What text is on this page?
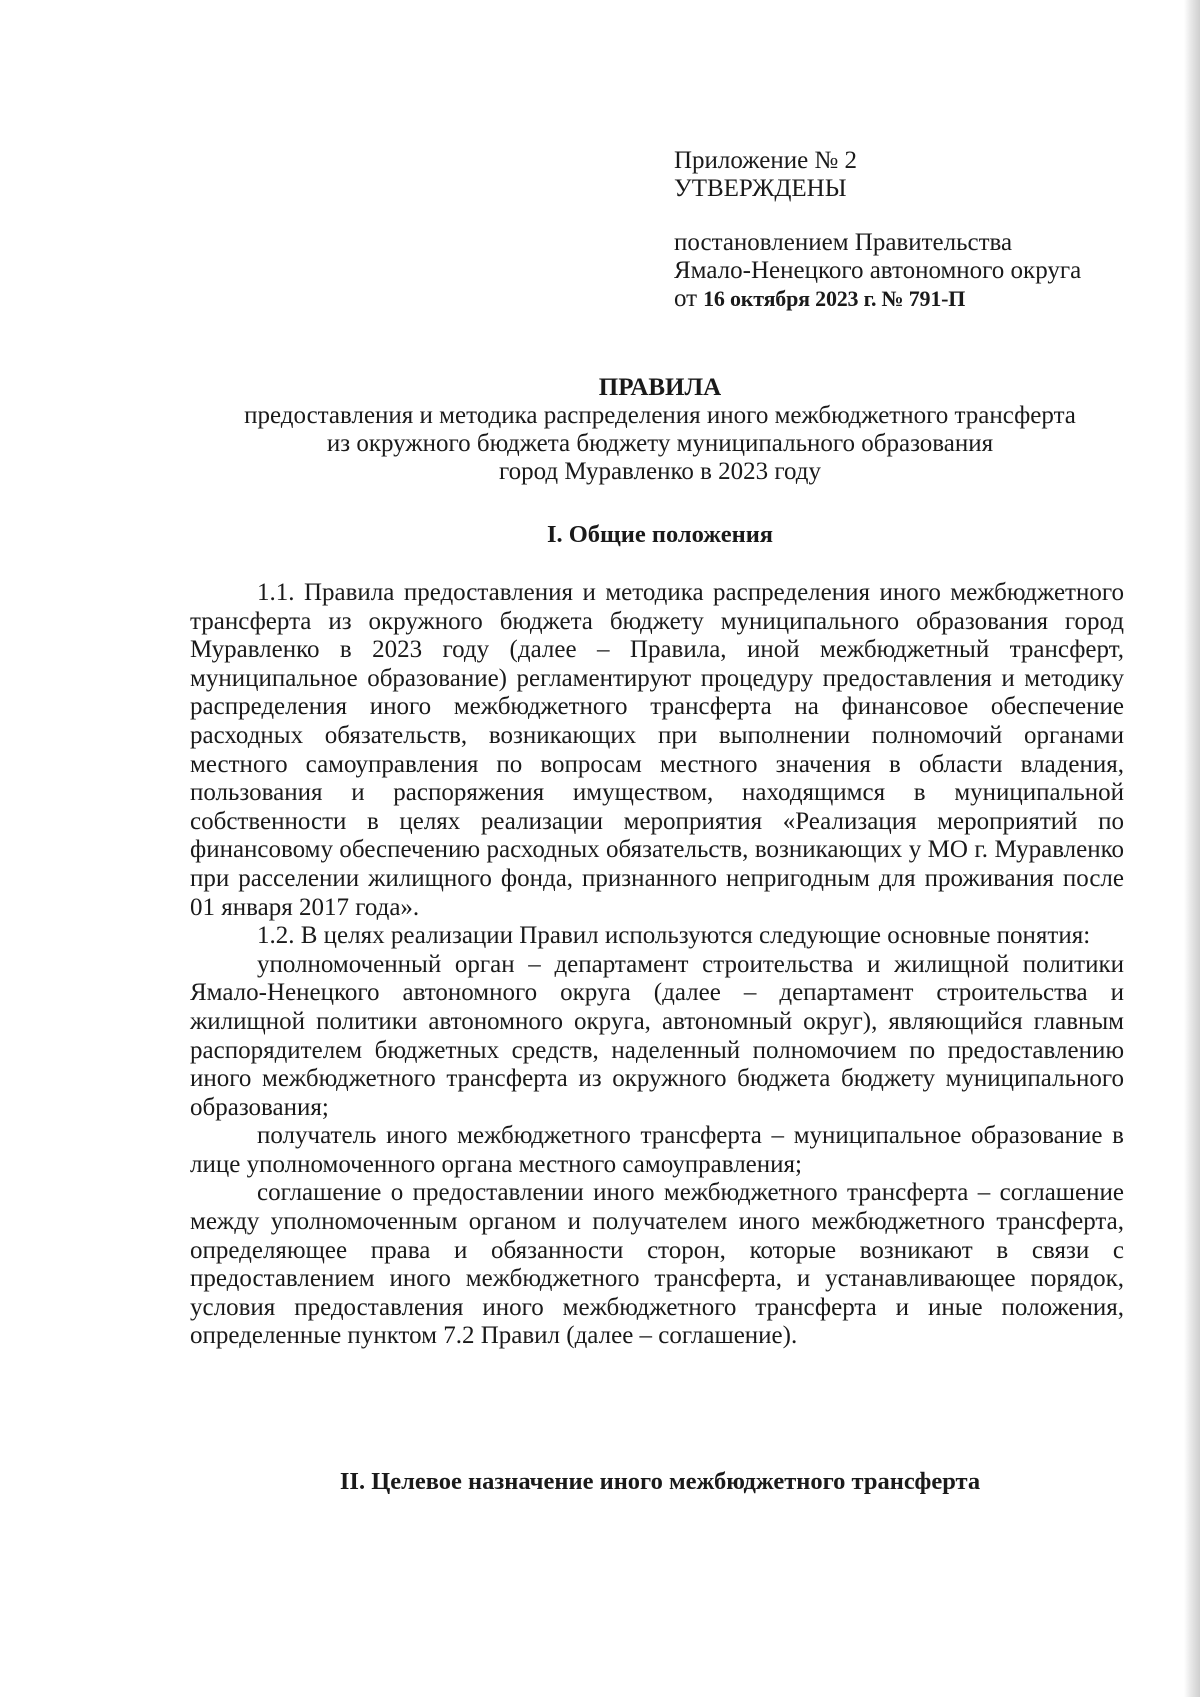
Приложение № 2
УТВЕРЖДЕНЫ
постановлением Правительства
Ямало-Ненецкого автономного округа
от 16 октября 2023 г. № 791-П
ПРАВИЛА
предоставления и методика распределения иного межбюджетного трансферта
из окружного бюджета бюджету муниципального образования
город Муравленко в 2023 году
I. Общие положения

1.1. Правила предоставления и методика распределения иного межбюджетного трансферта из окружного бюджета бюджету муниципального образования город Муравленко в 2023 году (далее – Правила, иной межбюджетный трансферт, муниципальное образование) регламентируют процедуру предоставления и методику распределения иного межбюджетного трансферта на финансовое обеспечение расходных обязательств, возникающих при выполнении полномочий органами местного самоуправления по вопросам местного значения в области владения, пользования и распоряжения имуществом, находящимся в муниципальной собственности в целях реализации мероприятия «Реализация мероприятий по финансовому обеспечению расходных обязательств, возникающих у МО г. Муравленко при расселении жилищного фонда, признанного непригодным для проживания после 01 января 2017 года».

1.2. В целях реализации Правил используются следующие основные понятия:

уполномоченный орган – департамент строительства и жилищной политики Ямало-Ненецкого автономного округа (далее – департамент строительства и жилищной политики автономного округа, автономный округ), являющийся главным распорядителем бюджетных средств, наделенный полномочием по предоставлению иного межбюджетного трансферта из окружного бюджета бюджету муниципального образования;

получатель иного межбюджетного трансферта – муниципальное образование в лице уполномоченного органа местного самоуправления;

соглашение о предоставлении иного межбюджетного трансферта – соглашение между уполномоченным органом и получателем иного межбюджетного трансферта, определяющее права и обязанности сторон, которые возникают в связи с предоставлением иного межбюджетного трансферта, и устанавливающее порядок, условия предоставления иного межбюджетного трансферта и иные положения, определенные пунктом 7.2 Правил (далее – соглашение).

II. Целевое назначение иного межбюджетного трансферта
